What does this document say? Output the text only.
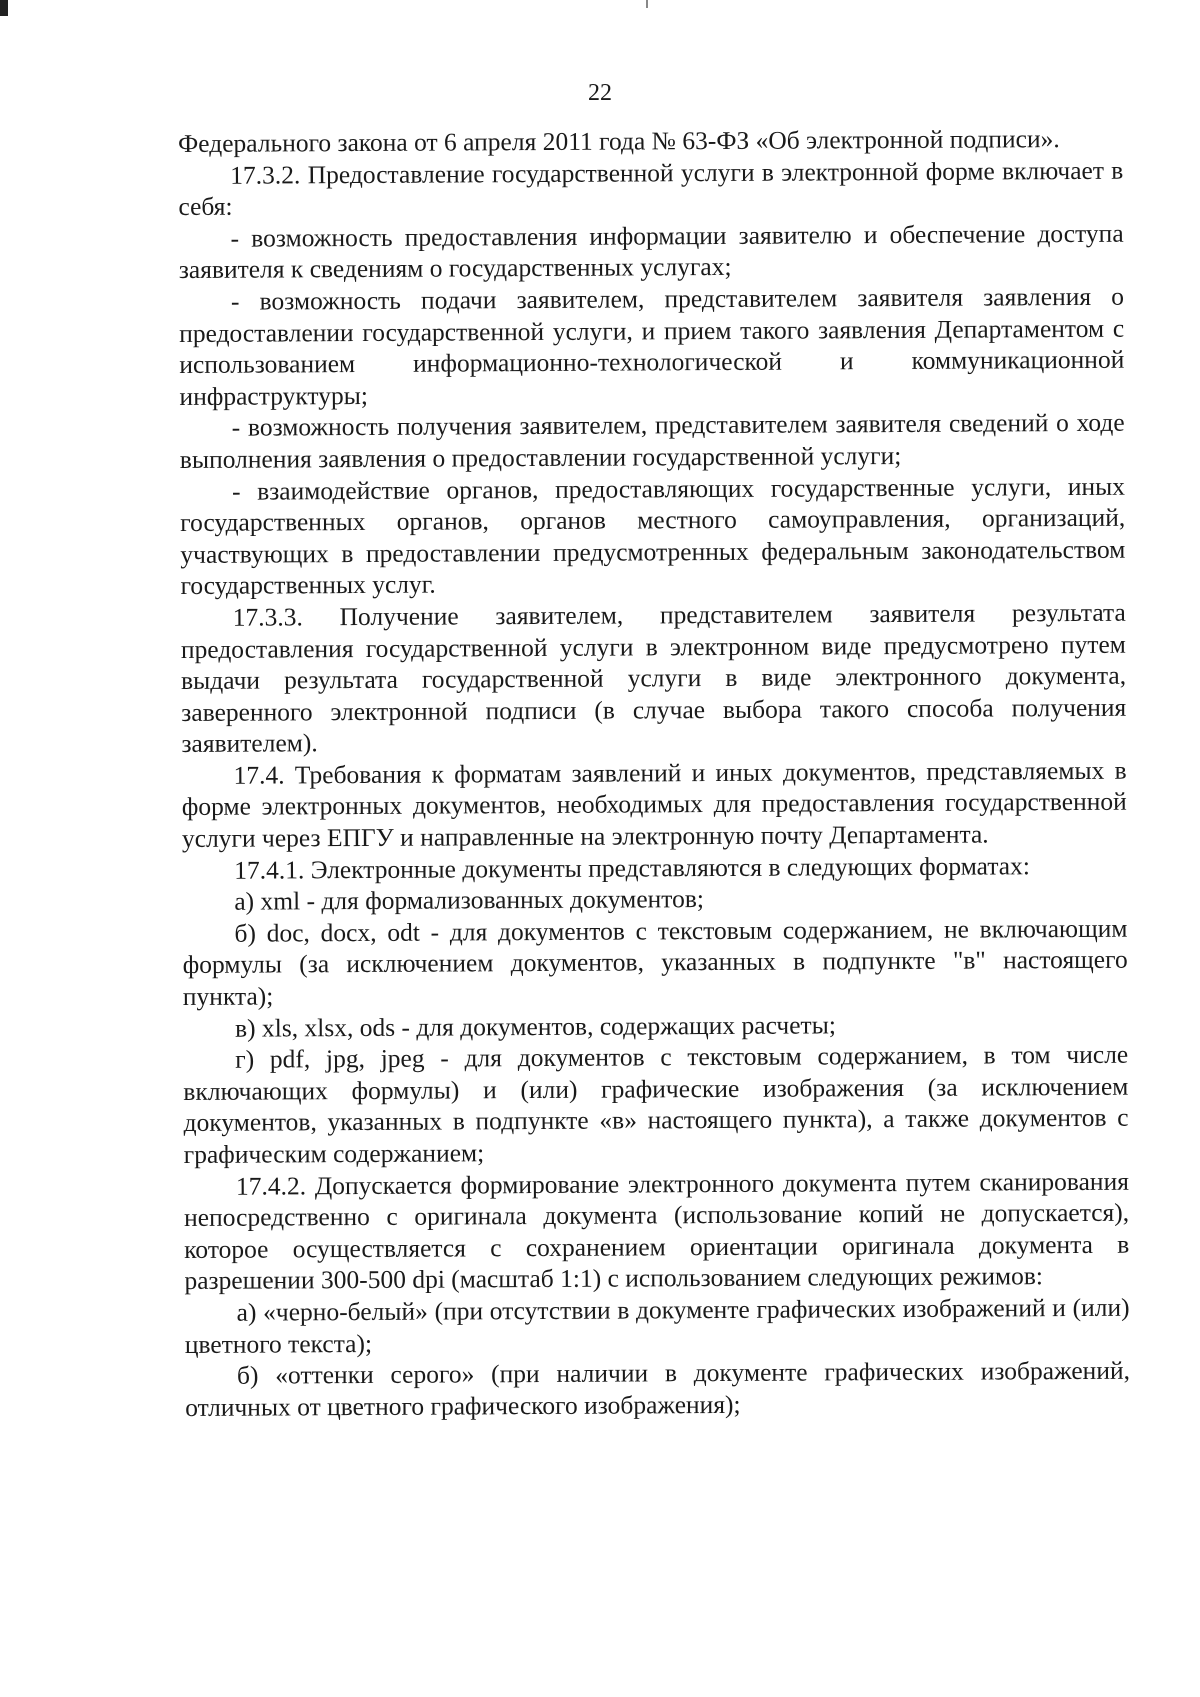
22

Федерального закона от 6 апреля 2011 года № 63-ФЗ «Об электронной подписи».

17.3.2. Предоставление государственной услуги в электронной форме включает в себя:

- возможность предоставления информации заявителю и обеспечение доступа заявителя к сведениям о государственных услугах;

- возможность подачи заявителем, представителем заявителя заявления о предоставлении государственной услуги, и прием такого заявления Департаментом с использованием информационно-технологической и коммуникационной инфраструктуры;

- возможность получения заявителем, представителем заявителя сведений о ходе выполнения заявления о предоставлении государственной услуги;

- взаимодействие органов, предоставляющих государственные услуги, иных государственных органов, органов местного самоуправления, организаций, участвующих в предоставлении предусмотренных федеральным законодательством государственных услуг.

17.3.3. Получение заявителем, представителем заявителя результата предоставления государственной услуги в электронном виде предусмотрено путем выдачи результата государственной услуги в виде электронного документа, заверенного электронной подписи (в случае выбора такого способа получения заявителем).

17.4. Требования к форматам заявлений и иных документов, представляемых в форме электронных документов, необходимых для предоставления государственной услуги через ЕПГУ и направленные на электронную почту Департамента.

17.4.1. Электронные документы представляются в следующих форматах:

а) xml - для формализованных документов;

б) doc, docx, odt - для документов с текстовым содержанием, не включающим формулы (за исключением документов, указанных в подпункте "в" настоящего пункта);

в) xls, xlsx, ods - для документов, содержащих расчеты;

г) pdf, jpg, jpeg - для документов с текстовым содержанием, в том числе включающих формулы) и (или) графические изображения (за исключением документов, указанных в подпункте «в» настоящего пункта), а также документов с графическим содержанием;

17.4.2. Допускается формирование электронного документа путем сканирования непосредственно с оригинала документа (использование копий не допускается), которое осуществляется с сохранением ориентации оригинала документа в разрешении 300-500 dpi (масштаб 1:1) с использованием следующих режимов:

а) «черно-белый» (при отсутствии в документе графических изображений и (или) цветного текста);

б) «оттенки серого» (при наличии в документе графических изображений, отличных от цветного графического изображения);
